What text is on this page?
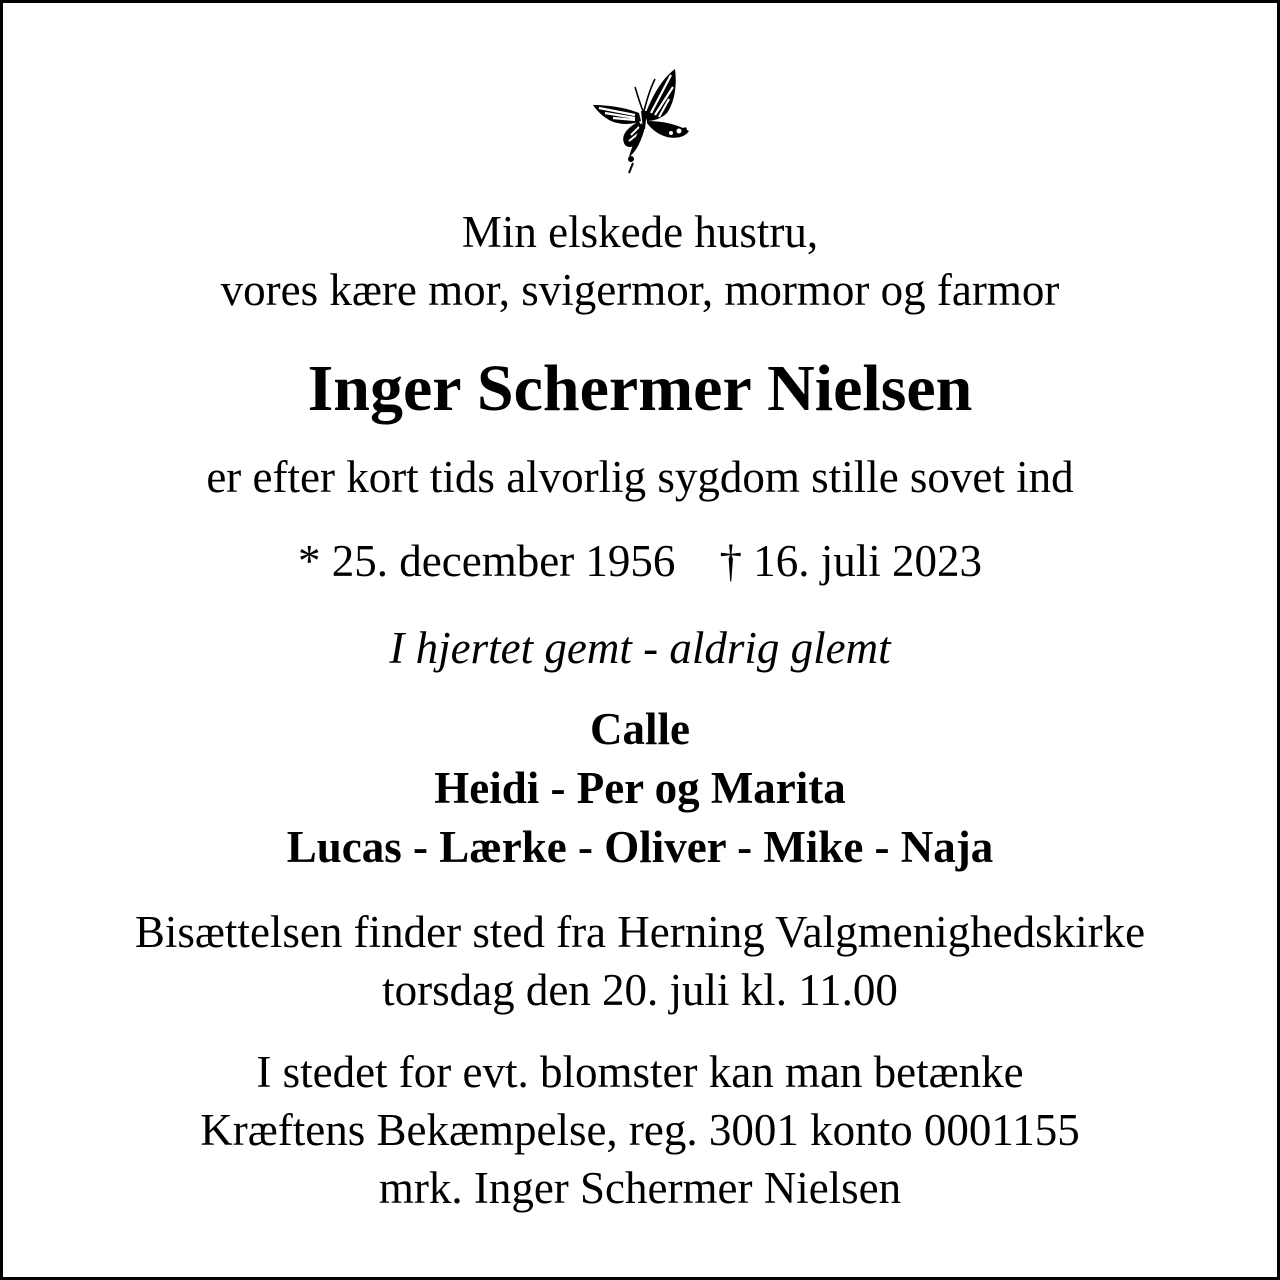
Min elskede hustru,
vores kære mor, svigermor, mormor og farmor
Inger Schermer Nielsen
er efter kort tids alvorlig sygdom stille sovet ind
* 25. december 1956 † 16. juli 2023
I hjertet gemt - aldrig glemt
Calle
Heidi - Per og Marita
Lucas - Lærke - Oliver - Mike - Naja
Bisættelsen finder sted fra Herning Valgmenighedskirke
torsdag den 20. juli kl. 11.00
I stedet for evt. blomster kan man betænke
Kræftens Bekæmpelse, reg. 3001 konto 0001155
mrk. Inger Schermer Nielsen
